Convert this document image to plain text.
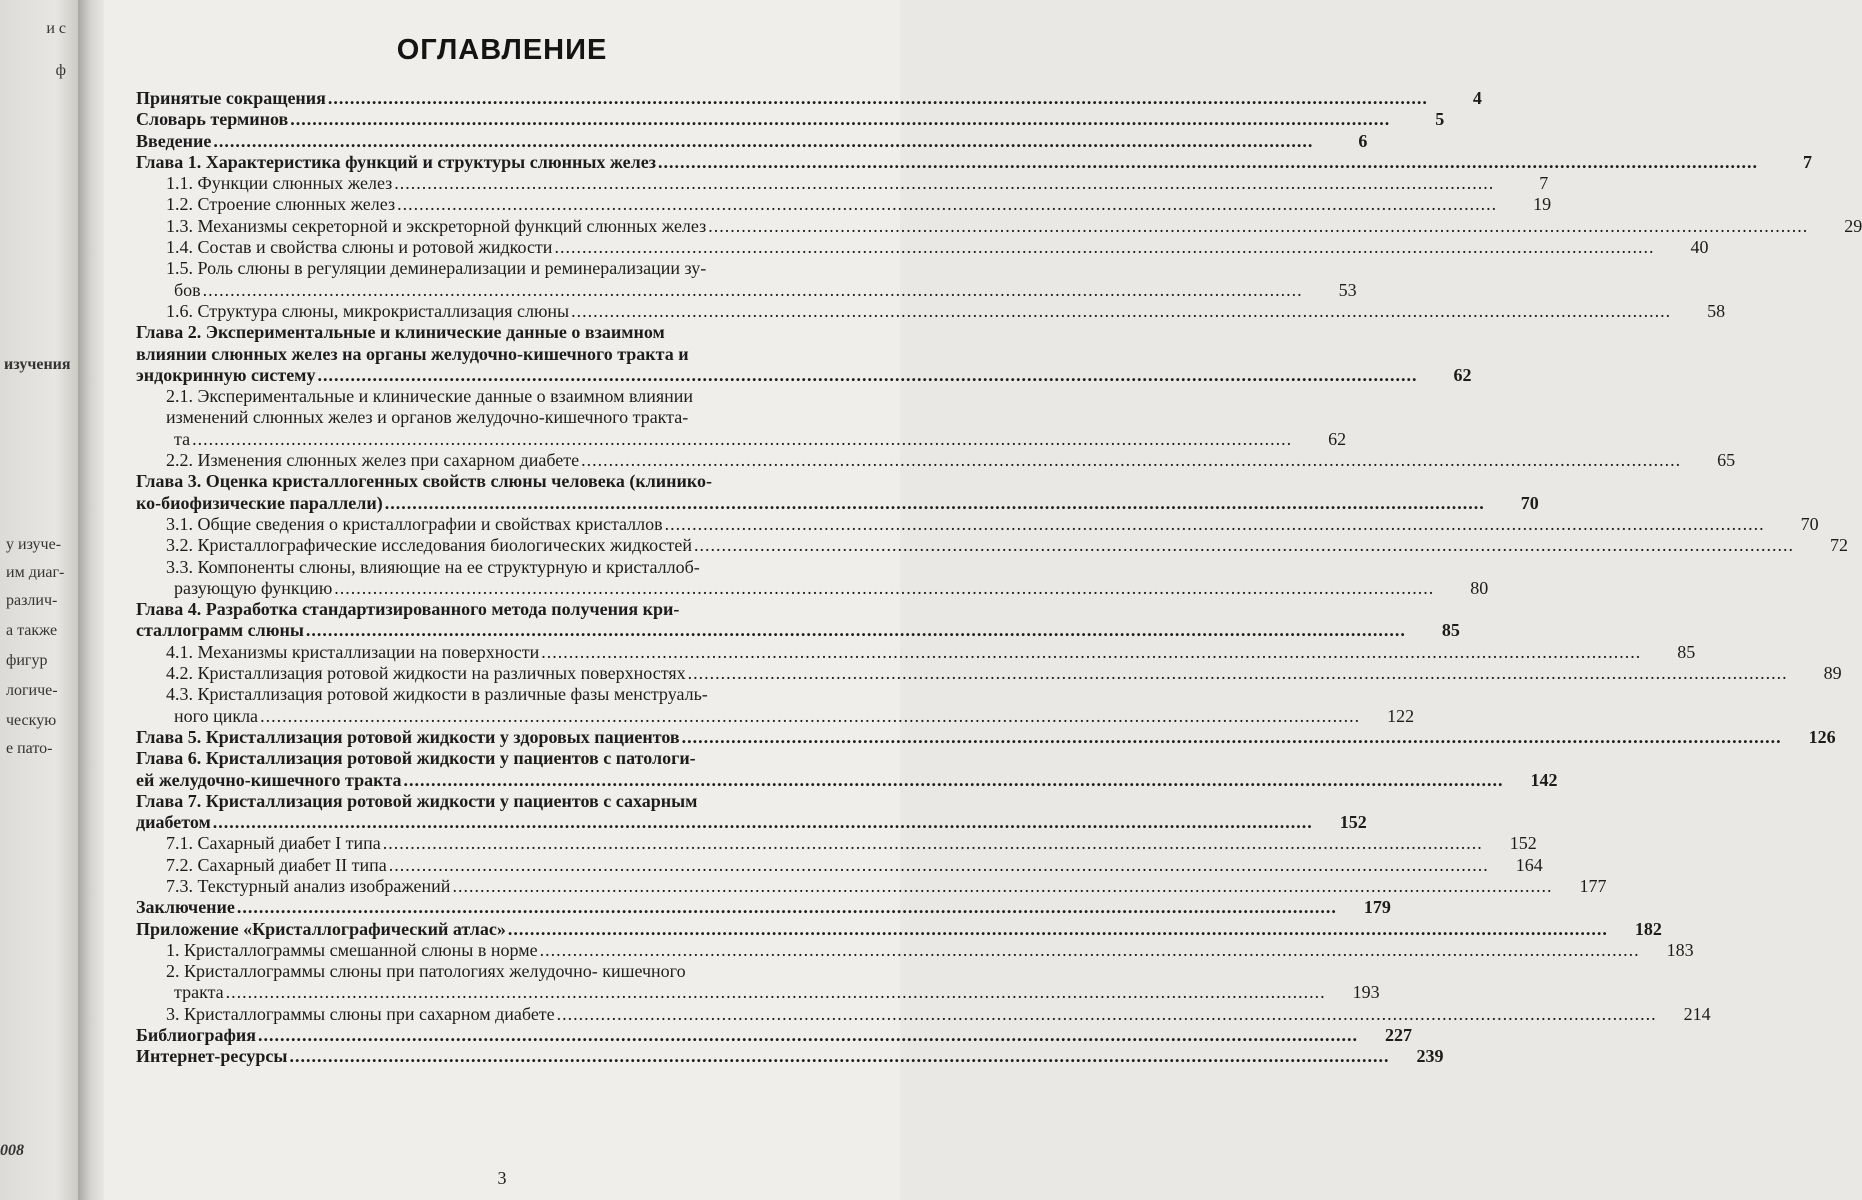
и с
ф
изучения
у изуче-
им диаг-
различ-
а также
фигур
логиче-
ческую
е пато-
008
ОГЛАВЛЕНИЕ
Принятые сокращения ........................................................................................................................................................................................................	4
Словарь терминов ........................................................................................................................................................................................................	5
Введение ........................................................................................................................................................................................................	6
Глава 1. Характеристика функций и структуры слюнных желез ........................................................................................................................................................................................................	7
1.1. Функции слюнных желез ........................................................................................................................................................................................................	7
1.2. Строение слюнных желез ........................................................................................................................................................................................................	19
1.3. Механизмы секреторной и экскреторной функций слюнных желез ........................................................................................................................................................................................................	29
1.4. Состав и свойства слюны и ротовой жидкости ........................................................................................................................................................................................................	40
1.5. Роль слюны в регуляции деминерализации и реминерализации зу-
бов ........................................................................................................................................................................................................	53
1.6. Структура слюны, микрокристаллизация слюны ........................................................................................................................................................................................................	58
Глава 2. Экспериментальные и клинические данные о взаимном
влиянии слюнных желез на органы желудочно-кишечного тракта и
эндокринную систему ........................................................................................................................................................................................................	62
2.1. Экспериментальные и клинические данные о взаимном влиянии
изменений слюнных желез и органов желудочно-кишечного тракта-
та ........................................................................................................................................................................................................	62
2.2. Изменения слюнных желез при сахарном диабете ........................................................................................................................................................................................................	65
Глава 3. Оценка кристаллогенных свойств слюны человека (клинико-
ко-биофизические параллели) ........................................................................................................................................................................................................	70
3.1. Общие сведения о кристаллографии и свойствах кристаллов ........................................................................................................................................................................................................	70
3.2. Кристаллографические исследования биологических жидкостей ........................................................................................................................................................................................................	72
3.3. Компоненты слюны, влияющие на ее структурную и кристаллоб-
разующую функцию ........................................................................................................................................................................................................	80
Глава 4. Разработка стандартизированного метода получения кри-
сталлограмм слюны ........................................................................................................................................................................................................	85
4.1. Механизмы кристаллизации на поверхности ........................................................................................................................................................................................................	85
4.2. Кристаллизация ротовой жидкости на различных поверхностях ........................................................................................................................................................................................................	89
4.3. Кристаллизация ротовой жидкости в различные фазы менструаль-
ного цикла ........................................................................................................................................................................................................	122
Глава 5. Кристаллизация ротовой жидкости у здоровых пациентов ........................................................................................................................................................................................................	126
Глава 6. Кристаллизация ротовой жидкости у пациентов с патологи-
ей желудочно-кишечного тракта ........................................................................................................................................................................................................	142
Глава 7. Кристаллизация ротовой жидкости у пациентов с сахарным
диабетом ........................................................................................................................................................................................................	152
7.1. Сахарный диабет I типа ........................................................................................................................................................................................................	152
7.2. Сахарный диабет II типа ........................................................................................................................................................................................................	164
7.3. Текстурный анализ изображений ........................................................................................................................................................................................................	177
Заключение ........................................................................................................................................................................................................	179
Приложение «Кристаллографический атлас» ........................................................................................................................................................................................................	182
1. Кристаллограммы смешанной слюны в норме ........................................................................................................................................................................................................	183
2. Кристаллограммы слюны при патологиях желудочно- кишечного
тракта ........................................................................................................................................................................................................	193
3. Кристаллограммы слюны при сахарном диабете ........................................................................................................................................................................................................	214
Библиография ........................................................................................................................................................................................................	227
Интернет-ресурсы ........................................................................................................................................................................................................	239
3
